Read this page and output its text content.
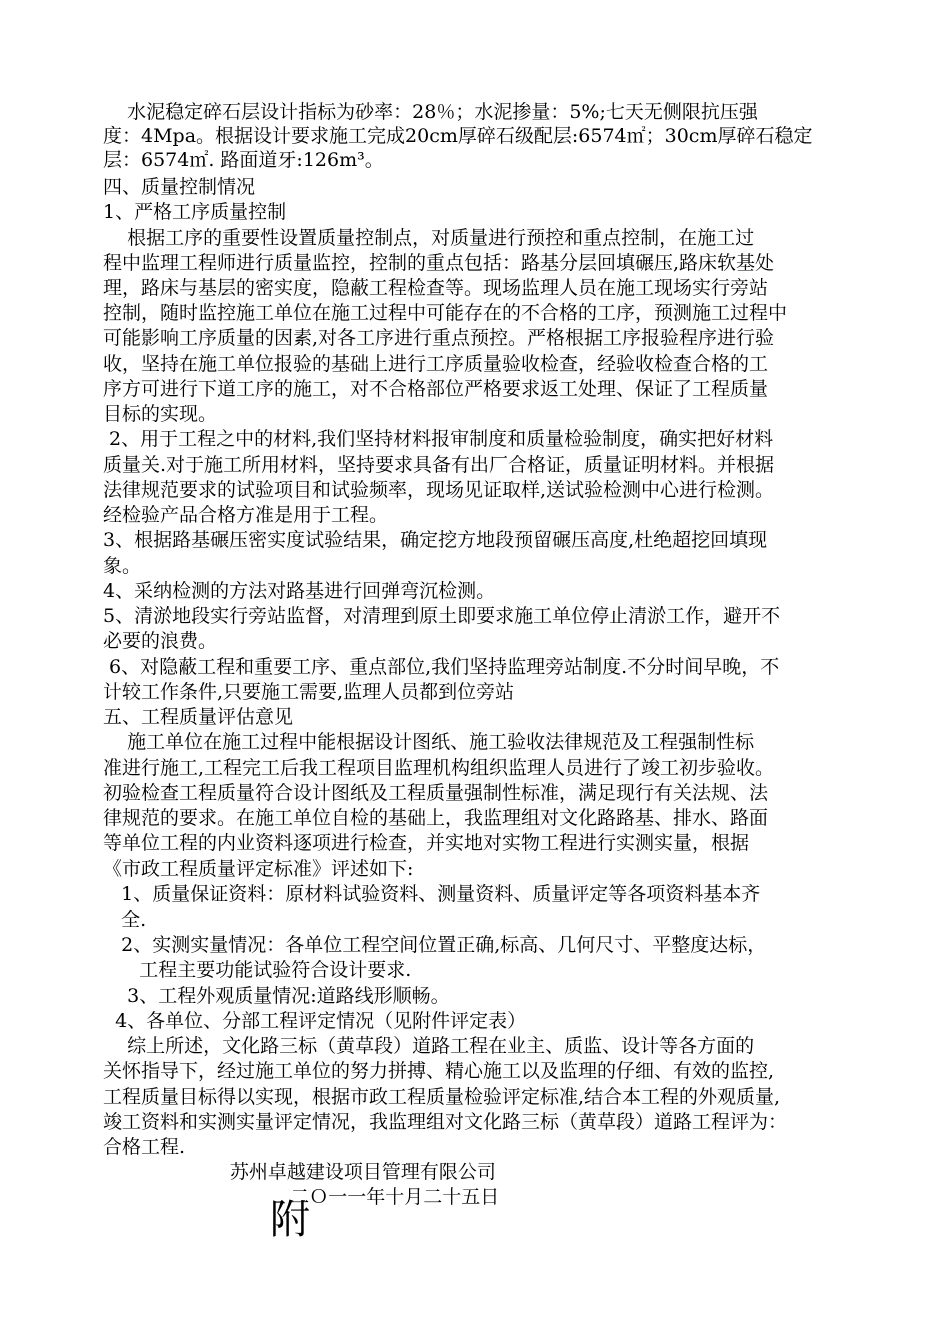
水泥稳定碎石层设计指标为砂率：28％；水泥掺量：5%;七天无侧限抗压强
度：4Mpa。根据设计要求施工完成20cm厚碎石级配层:6574㎡；30cm厚碎石稳定
层：6574㎡. 路面道牙:126m³。
四、质量控制情况
1、严格工序质量控制
根据工序的重要性设置质量控制点，对质量进行预控和重点控制，在施工过
程中监理工程师进行质量监控，控制的重点包括：路基分层回填碾压,路床软基处
理，路床与基层的密实度，隐蔽工程检查等。现场监理人员在施工现场实行旁站
控制，随时监控施工单位在施工过程中可能存在的不合格的工序，预测施工过程中
可能影响工序质量的因素,对各工序进行重点预控。严格根据工序报验程序进行验
收，坚持在施工单位报验的基础上进行工序质量验收检查，经验收检查合格的工
序方可进行下道工序的施工，对不合格部位严格要求返工处理、保证了工程质量
目标的实现。
2、用于工程之中的材料,我们坚持材料报审制度和质量检验制度，确实把好材料
质量关.对于施工所用材料，坚持要求具备有出厂合格证，质量证明材料。并根据
法律规范要求的试验项目和试验频率，现场见证取样,送试验检测中心进行检测。
经检验产品合格方准是用于工程。
3、根据路基碾压密实度试验结果，确定挖方地段预留碾压高度,杜绝超挖回填现
象。
4、采纳检测的方法对路基进行回弹弯沉检测。
5、清淤地段实行旁站监督，对清理到原土即要求施工单位停止清淤工作，避开不
必要的浪费。
6、对隐蔽工程和重要工序、重点部位,我们坚持监理旁站制度.不分时间早晚，不
计较工作条件,只要施工需要,监理人员都到位旁站
五、工程质量评估意见
施工单位在施工过程中能根据设计图纸、施工验收法律规范及工程强制性标
准进行施工,工程完工后我工程项目监理机构组织监理人员进行了竣工初步验收。
初验检查工程质量符合设计图纸及工程质量强制性标准，满足现行有关法规、法
律规范的要求。在施工单位自检的基础上，我监理组对文化路路基、排水、路面
等单位工程的内业资料逐项进行检查，并实地对实物工程进行实测实量，根据
《市政工程质量评定标准》评述如下:
1、质量保证资料：原材料试验资料、测量资料、质量评定等各项资料基本齐
全.
2、实测实量情况：各单位工程空间位置正确,标高、几何尺寸、平整度达标，
工程主要功能试验符合设计要求.
3、工程外观质量情况:道路线形顺畅。
4、各单位、分部工程评定情况（见附件评定表）
综上所述，文化路三标（黄草段）道路工程在业主、质监、设计等各方面的
关怀指导下，经过施工单位的努力拼搏、精心施工以及监理的仔细、有效的监控,
工程质量目标得以实现，根据市政工程质量检验评定标准,结合本工程的外观质量,
竣工资料和实测实量评定情况，我监理组对文化路三标（黄草段）道路工程评为：
合格工程.
苏州卓越建设项目管理有限公司
二Ｏ一一年十月二十五日
附
